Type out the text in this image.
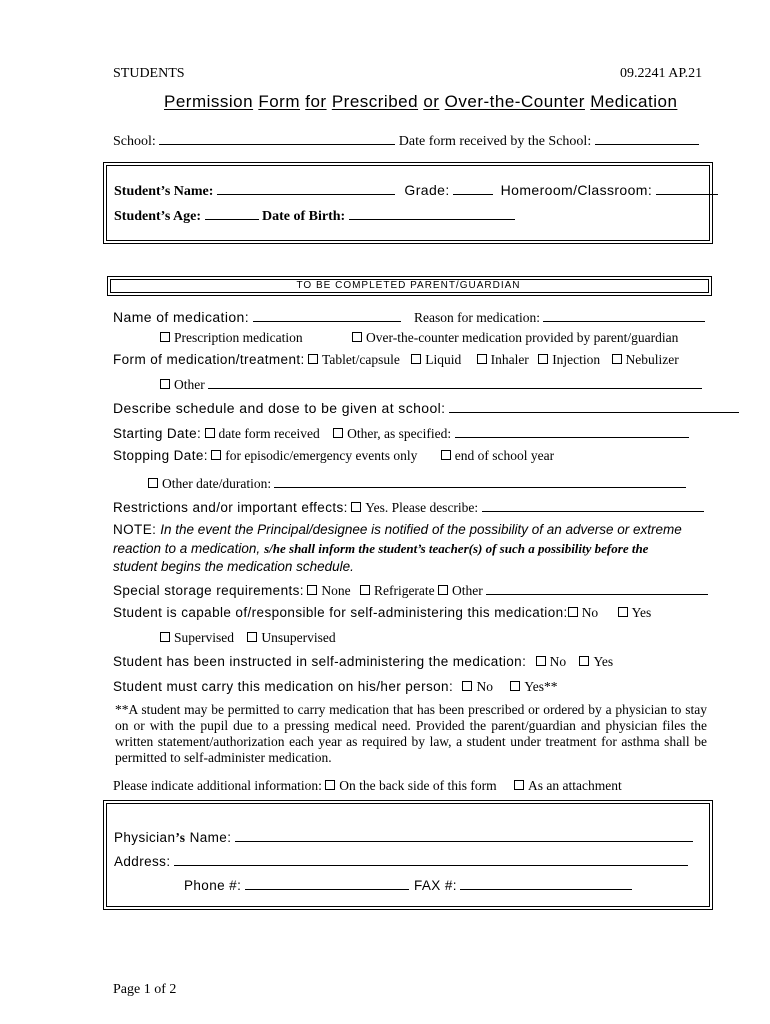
STUDENTS	09.2241 AP.21
Permission Form for Prescribed or Over-the-Counter Medication
School:	Date form received by the School:
Student’s Name:	Grade:	Homeroom/Classroom:
Student’s Age:	Date of Birth:
TO BE COMPLETED PARENT/GUARDIAN
Name of medication:	Reason for medication:
Prescription medication	Over-the-counter medication provided by parent/guardian
Form of medication/treatment: Tablet/capsule Liquid Inhaler Injection Nebulizer
Other
Describe schedule and dose to be given at school:
Starting Date: date form received Other, as specified:
Stopping Date: for episodic/emergency events only	end of school year
Other date/duration:
Restrictions and/or important effects: Yes. Please describe:
NOTE: In the event the Principal/designee is notified of the possibility of an adverse or extreme
reaction to a medication, s/he shall inform the student’s teacher(s) of such a possibility before the
student begins the medication schedule.
Special storage requirements: None Refrigerate Other
Student is capable of/responsible for self-administering this medication: No Yes
Supervised Unsupervised
Student has been instructed in self-administering the medication: No Yes
Student must carry this medication on his/her person: No Yes**
**A student may be permitted to carry medication that has been prescribed or ordered by a physician to stay on or with the pupil due to a pressing medical need. Provided the parent/guardian and physician files the written statement/authorization each year as required by law, a student under treatment for asthma shall be permitted to self-administer medication.
Please indicate additional information: On the back side of this form As an attachment
Physician’s Name:
Address:
Phone #:	FAX #:
Page 1 of 2
